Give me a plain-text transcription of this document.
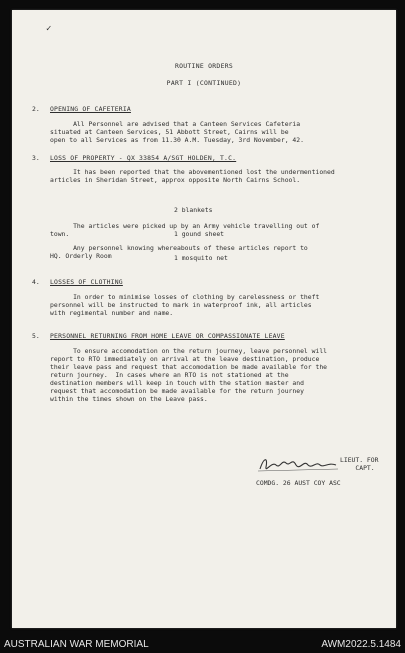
✓
ROUTINE ORDERS
PART I (CONTINUED)
2. OPENING OF CAFETERIA
All Personnel are advised that a Canteen Services Cafeteria
situated at Canteen Services, 51 Abbott Street, Cairns will be
open to all Services as from 11.30 A.M. Tuesday, 3rd November, 42.
3. LOSS OF PROPERTY - QX 33854 A/SGT HOLDEN, T.C.
It has been reported that the abovementioned lost the undermentioned
articles in Sheridan Street, approx opposite North Cairns School.

2 blankets

1 gound sheet

1 mosquito net

The articles were picked up by an Army vehicle travelling out of
town.
Any personnel knowing whereabouts of these articles report to
HQ. Orderly Room
4. LOSSES OF CLOTHING
In order to minimise losses of clothing by carelessness or theft
personnel will be instructed to mark in waterproof ink, all articles
with regimental number and name.
5. PERSONNEL RETURNING FROM HOME LEAVE OR COMPASSIONATE LEAVE
To ensure accomodation on the return journey, leave personnel will
report to RTO immediately on arrival at the leave destination, produce
their leave pass and request that accomodation be made available for the
return journey.  In cases where an RTO is not stationed at the
destination members will keep in touch with the station master and
request that accomodation be made available for the return journey
within the times shown on the Leave pass.
LIEUT. FOR
CAPT.
COMDG. 26 AUST COY ASC
AUSTRALIAN WAR MEMORIAL	AWM2022.5.1484
